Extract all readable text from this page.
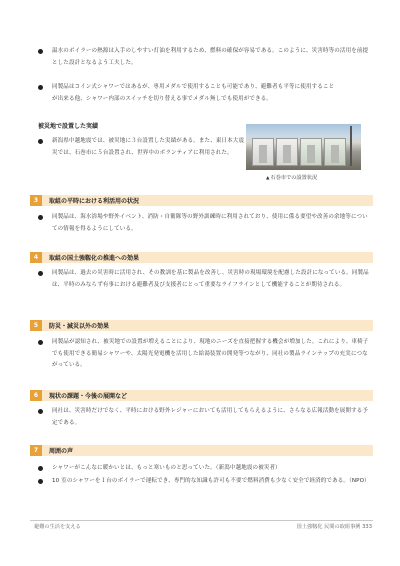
温水のボイラーの熱源は入手のしやすい灯油を利用するため、燃料の確保が容易である。このように、災害時等の活用を前提とした設計となるよう工夫した。

同製品はコイン式シャワーではあるが、専用メダルで使用することも可能であり、避難者も平等に使用することが出来る他、シャワー内部のスイッチを切り替える事でメダル無しでも使用ができる。

被災地で設置した実績

新潟県中越地震では、被災地に３台設置した実績がある。また、東日本大震災では、石巻市に５台設置され、世界中のボランティアに利用された。

▲ 石巻市での設置状況

3	取組の平時における利活用の状況

同製品は、海水浴場や野外イベント、消防・自衛隊等の野外訓練時に利用されており、使用に係る要望や改善の余地等についての情報を得るようにしている。

4	取組の国土強靱化の推進への効果

同製品は、過去の災害時に活用され、その教訓を基に製品を改善し、災害時の現場環境を配慮した設計になっている。同製品は、平時のみならず有事における避難者及び支援者にとって重要なライフラインとして機能することが期待される。

5	防災・減災以外の効果

同製品が認知され、被災地での設置が増えることにより、現地のニーズを直接把握する機会が増加した。これにより、車椅子でも使用できる簡易シャワーや、太陽光発電機を活用した給湯装置の開発等つながり、同社の製品ラインナップの充実につながっている。

6	現状の課題・今後の展開など

同社は、災害時だけでなく、平時における野外レジャーにおいても活用してもらえるように、さらなる広報活動を展開する予定である。

7	周囲の声

シャワーがこんなに暖かいとは、もっと寒いものと思っていた。（新潟中越地震の被災者）

10 室のシャワーを１台のボイラーで運転でき、専門的な知識も許可も不要で燃料消費も少なく安全で経済的である。（NPO）

避難の生活を支える	国土強靱化 民間の取組事例 333
